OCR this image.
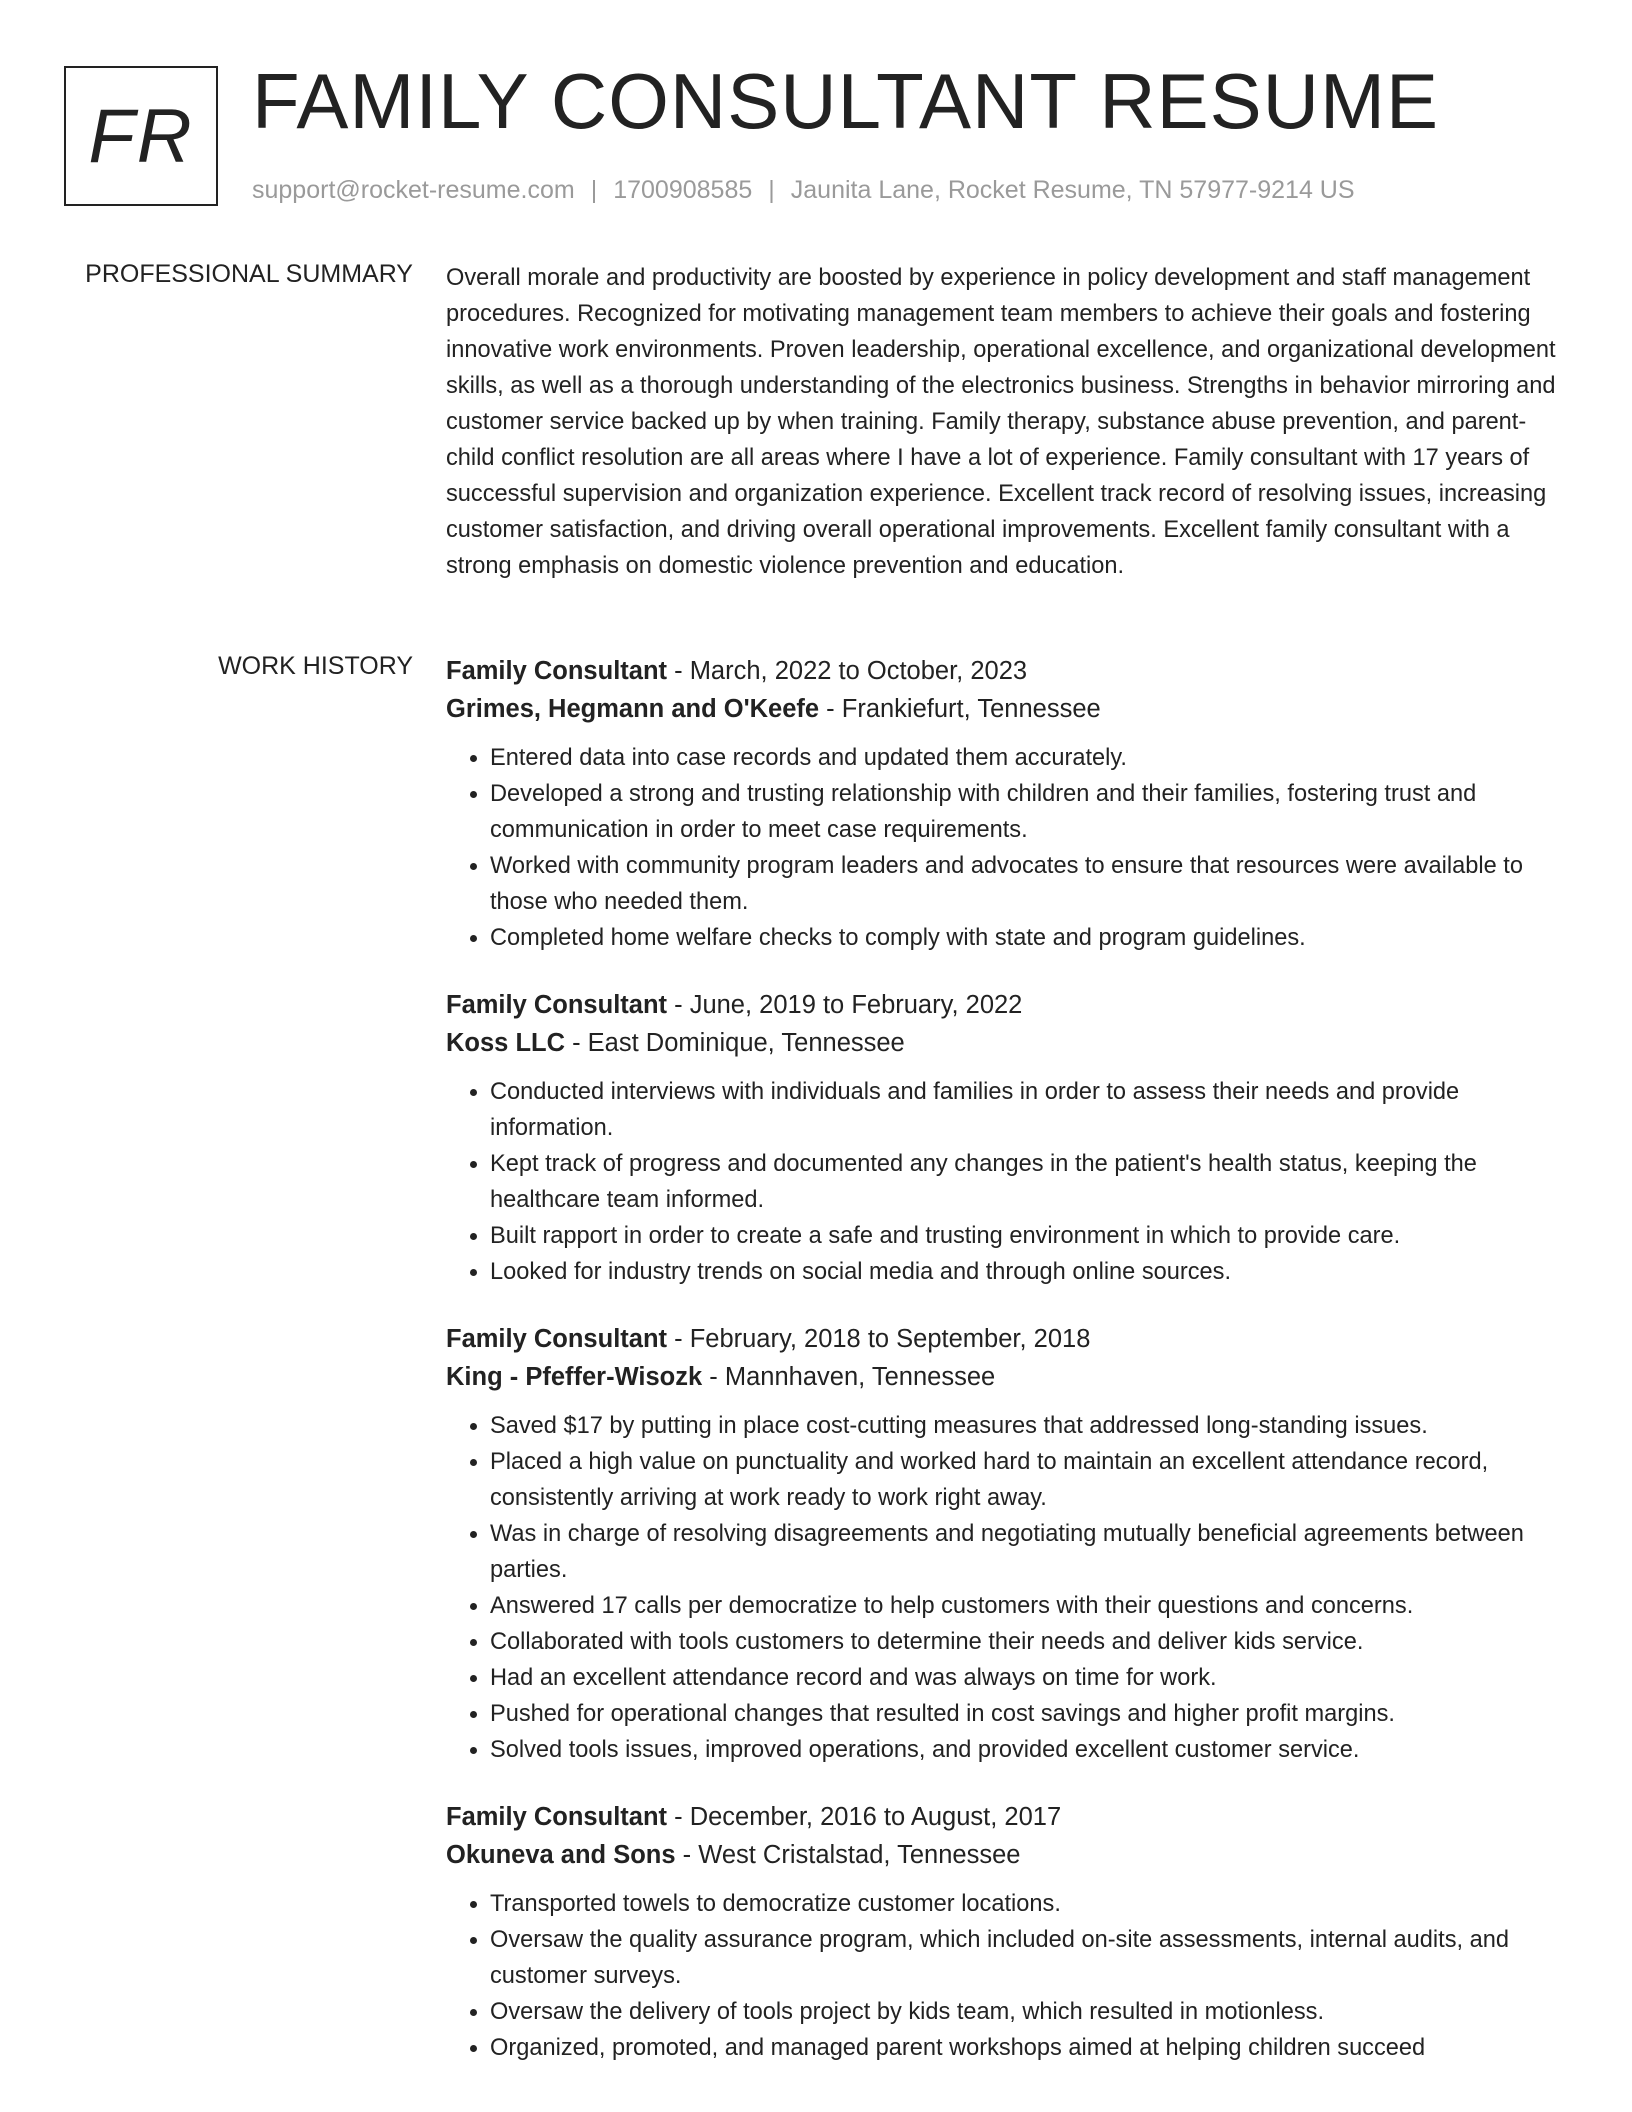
FR FAMILY CONSULTANT RESUME
support@rocket-resume.com | 1700908585 | Jaunita Lane, Rocket Resume, TN 57977-9214 US
PROFESSIONAL SUMMARY Overall morale and productivity are boosted by experience in policy development and staff management procedures. Recognized for motivating management team members to achieve their goals and fostering innovative work environments. Proven leadership, operational excellence, and organizational development skills, as well as a thorough understanding of the electronics business. Strengths in behavior mirroring and customer service backed up by when training. Family therapy, substance abuse prevention, and parent-child conflict resolution are all areas where I have a lot of experience. Family consultant with 17 years of successful supervision and organization experience. Excellent track record of resolving issues, increasing customer satisfaction, and driving overall operational improvements. Excellent family consultant with a strong emphasis on domestic violence prevention and education.

WORK HISTORY Family Consultant - March, 2022 to October, 2023

Grimes, Hegmann and O'Keefe - Frankiefurt, Tennessee

• Entered data into case records and updated them accurately.
• Developed a strong and trusting relationship with children and their families, fostering trust and communication in order to meet case requirements.
• Worked with community program leaders and advocates to ensure that resources were available to those who needed them.
• Completed home welfare checks to comply with state and program guidelines.

Family Consultant - June, 2019 to February, 2022

Koss LLC - East Dominique, Tennessee

• Conducted interviews with individuals and families in order to assess their needs and provide information.
• Kept track of progress and documented any changes in the patient's health status, keeping the healthcare team informed.
• Built rapport in order to create a safe and trusting environment in which to provide care.
• Looked for industry trends on social media and through online sources.

Family Consultant - February, 2018 to September, 2018

King - Pfeffer-Wisozk - Mannhaven, Tennessee

• Saved $17 by putting in place cost-cutting measures that addressed long-standing issues.
• Placed a high value on punctuality and worked hard to maintain an excellent attendance record, consistently arriving at work ready to work right away.
• Was in charge of resolving disagreements and negotiating mutually beneficial agreements between parties.
• Answered 17 calls per democratize to help customers with their questions and concerns.
• Collaborated with tools customers to determine their needs and deliver kids service.
• Had an excellent attendance record and was always on time for work.
• Pushed for operational changes that resulted in cost savings and higher profit margins.
• Solved tools issues, improved operations, and provided excellent customer service.

Family Consultant - December, 2016 to August, 2017

Okuneva and Sons - West Cristalstad, Tennessee

• Transported towels to democratize customer locations.
• Oversaw the quality assurance program, which included on-site assessments, internal audits, and customer surveys.
• Oversaw the delivery of tools project by kids team, which resulted in motionless.
• Organized, promoted, and managed parent workshops aimed at helping children succeed
